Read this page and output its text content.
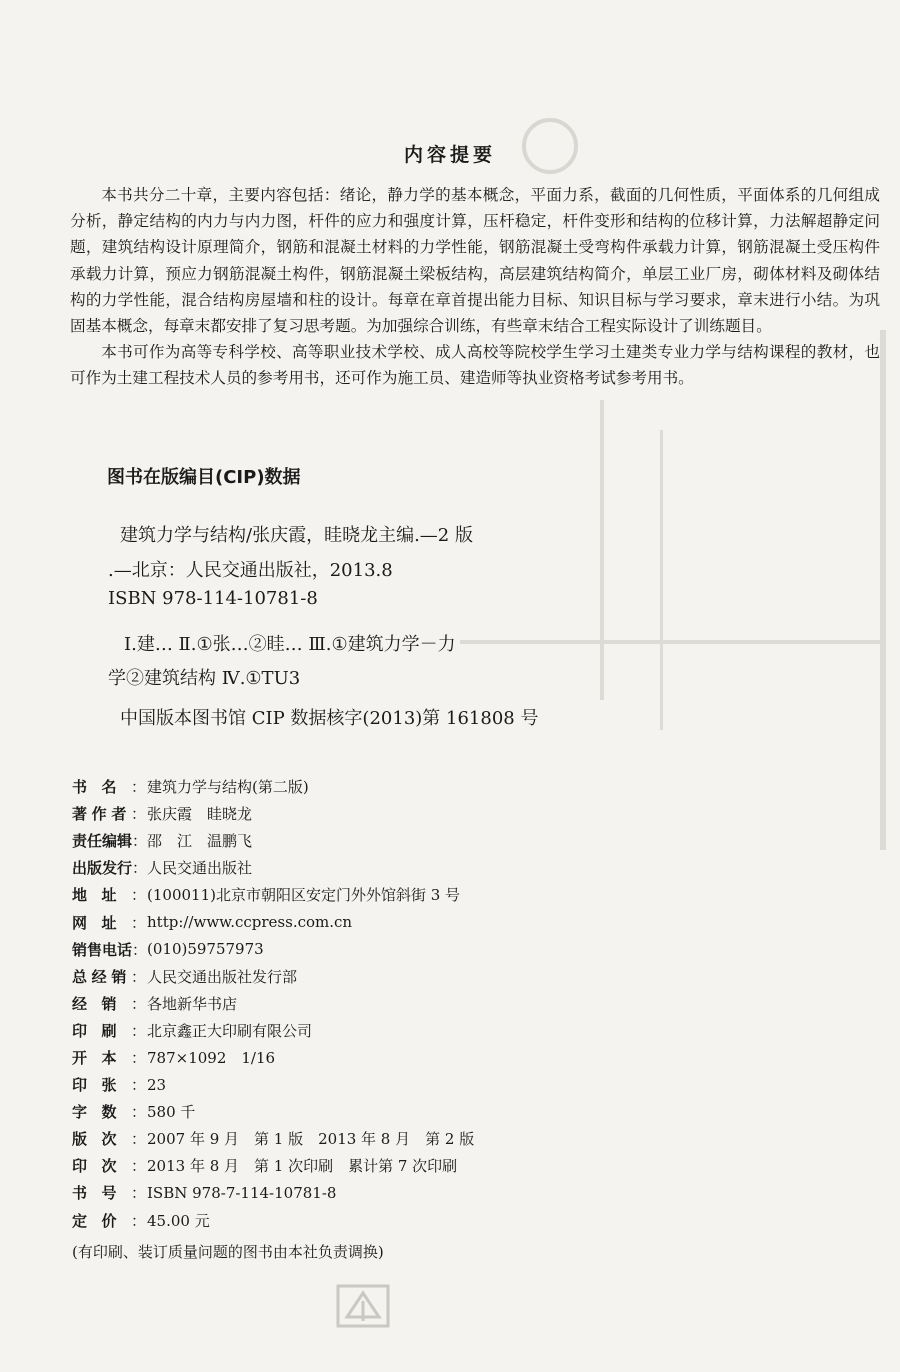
内容提要

本书共分二十章，主要内容包括：绪论，静力学的基本概念，平面力系，截面的几何性质，平面体系的几何组成分析，静定结构的内力与内力图，杆件的应力和强度计算，压杆稳定，杆件变形和结构的位移计算，力法解超静定问题，建筑结构设计原理简介，钢筋和混凝土材料的力学性能，钢筋混凝土受弯构件承载力计算，钢筋混凝土受压构件承载力计算，预应力钢筋混凝土构件，钢筋混凝土梁板结构，高层建筑结构简介，单层工业厂房，砌体材料及砌体结构的力学性能，混合结构房屋墙和柱的设计。每章在章首提出能力目标、知识目标与学习要求，章末进行小结。为巩固基本概念，每章末都安排了复习思考题。为加强综合训练，有些章末结合工程实际设计了训练题目。

本书可作为高等专科学校、高等职业技术学校、成人高校等院校学生学习土建类专业力学与结构课程的教材，也可作为土建工程技术人员的参考用书，还可作为施工员、建造师等执业资格考试参考用书。

图书在版编目(CIP)数据
建筑力学与结构/张庆霞，眭晓龙主编.—2 版
.—北京：人民交通出版社，2013.8
ISBN 978-114-10781-8
Ⅰ.建… Ⅱ.①张…②眭… Ⅲ.①建筑力学－力
学②建筑结构 Ⅳ.①TU3
中国版本图书馆 CIP 数据核字(2013)第 161808 号
书 名 ： 建筑力学与结构(第二版)
著 作 者 ： 张庆霞　眭晓龙
责任编辑 ： 邵　江　温鹏飞
出版发行 ： 人民交通出版社
地 址 ： (100011)北京市朝阳区安定门外外馆斜街 3 号
网 址 ： http://www.ccpress.com.cn
销售电话 ： (010)59757973
总 经 销 ： 人民交通出版社发行部
经 销 ： 各地新华书店
印 刷 ： 北京鑫正大印刷有限公司
开 本 ： 787×1092　1/16
印 张 ： 23
字 数 ： 580 千
版 次 ： 2007 年 9 月　第 1 版　2013 年 8 月　第 2 版
印 次 ： 2013 年 8 月　第 1 次印刷　累计第 7 次印刷
书 号 ： ISBN 978-7-114-10781-8
定 价 ： 45.00 元
(有印刷、装订质量问题的图书由本社负责调换)
